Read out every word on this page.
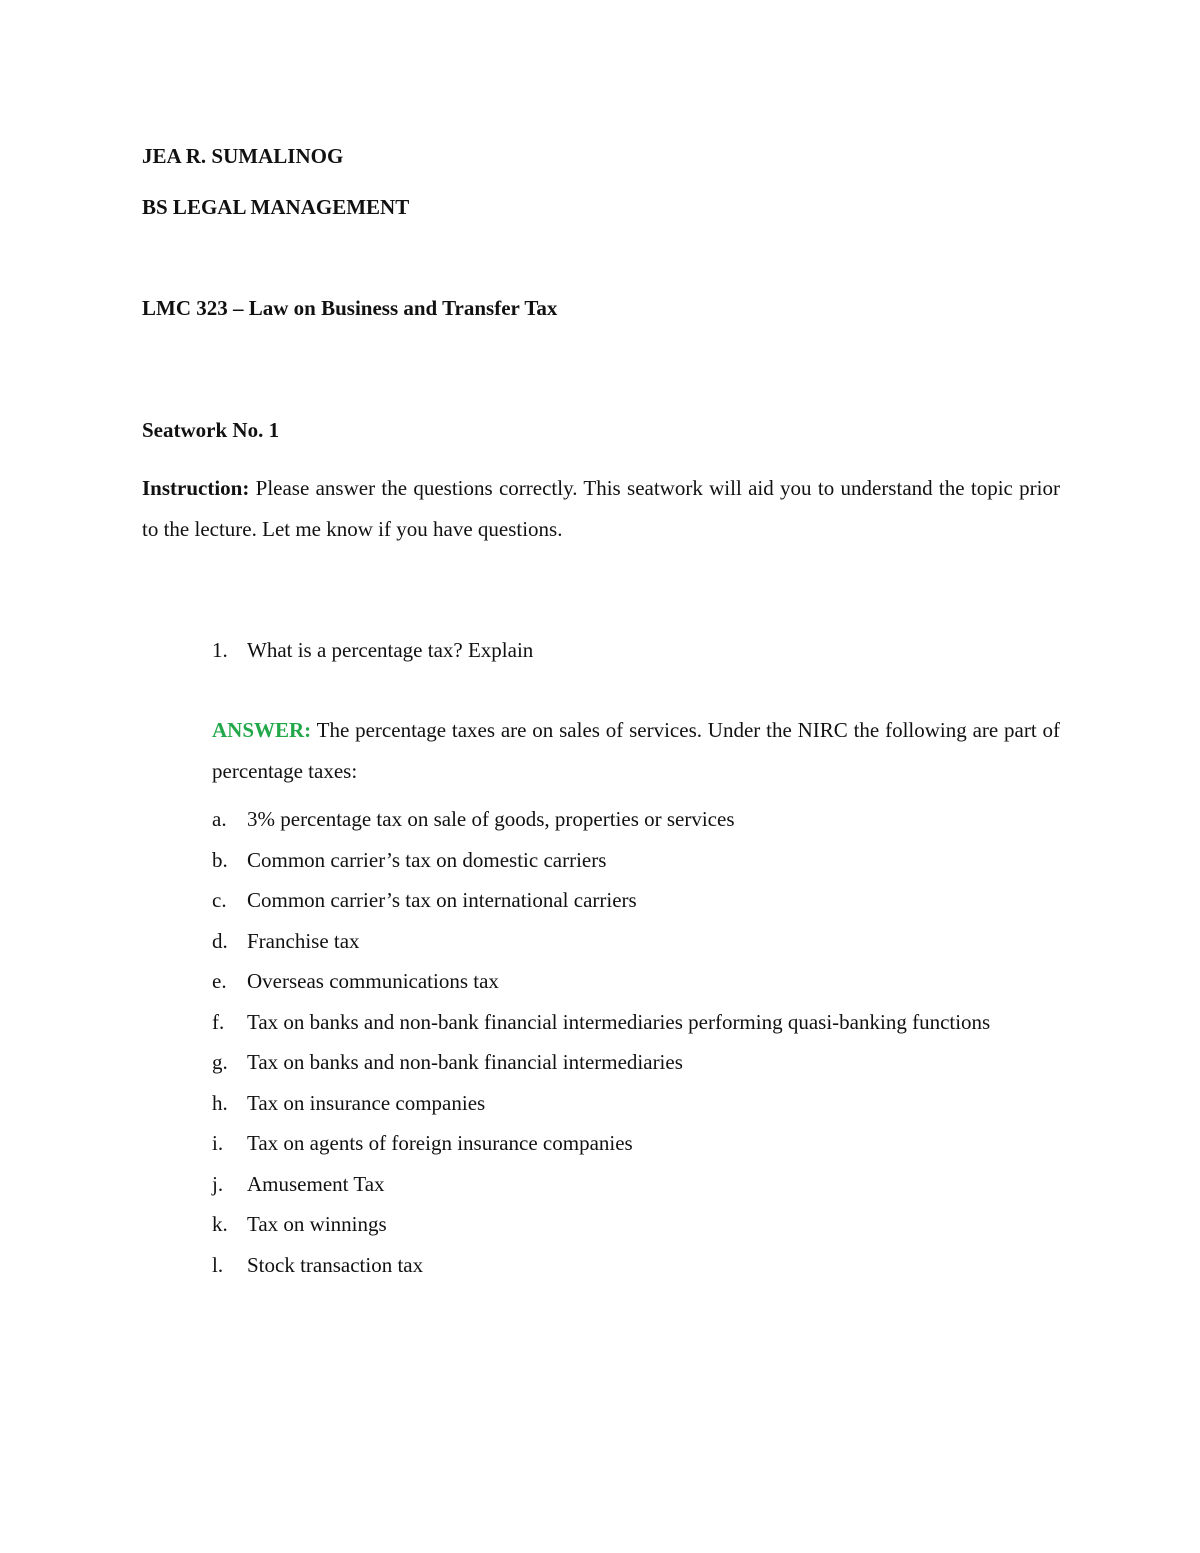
JEA R. SUMALINOG
BS LEGAL MANAGEMENT
LMC 323 – Law on Business and Transfer Tax
Seatwork No. 1
Instruction: Please answer the questions correctly. This seatwork will aid you to understand the topic prior to the lecture. Let me know if you have questions.
1. What is a percentage tax? Explain
ANSWER: The percentage taxes are on sales of services. Under the NIRC the following are part of percentage taxes:
a. 3% percentage tax on sale of goods, properties or services
b. Common carrier’s tax on domestic carriers
c. Common carrier’s tax on international carriers
d. Franchise tax
e. Overseas communications tax
f. Tax on banks and non-bank financial intermediaries performing quasi-banking functions
g. Tax on banks and non-bank financial intermediaries
h. Tax on insurance companies
i. Tax on agents of foreign insurance companies
j. Amusement Tax
k. Tax on winnings
l. Stock transaction tax
